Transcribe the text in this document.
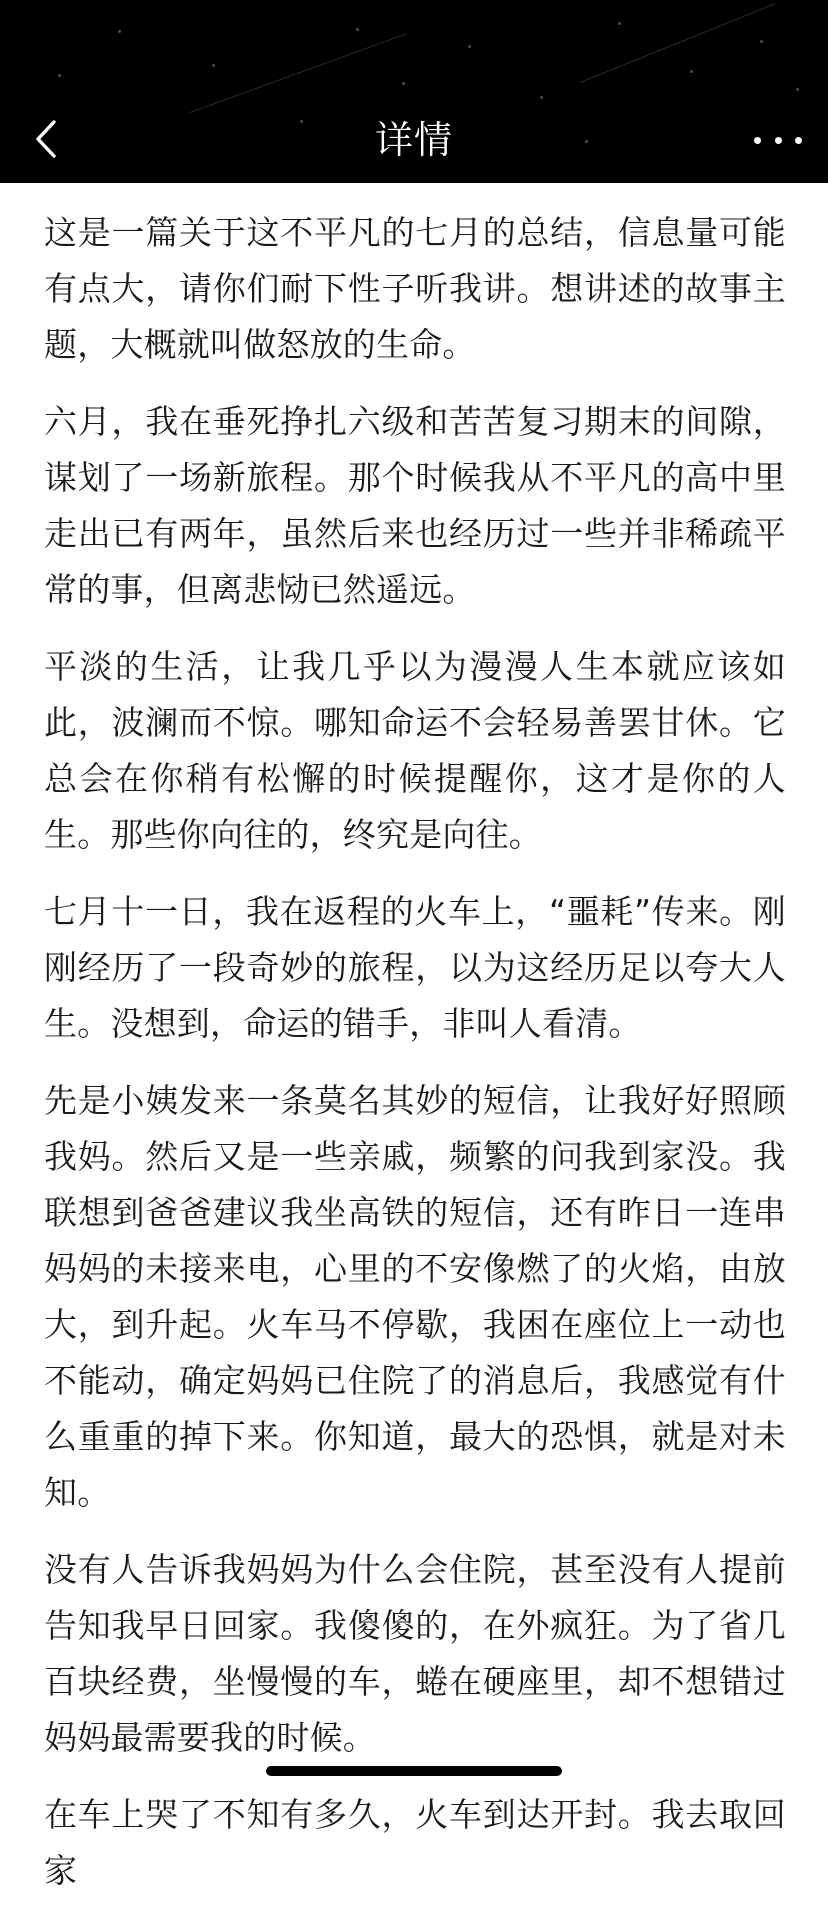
详情

这是一篇关于这不平凡的七月的总结，信息量可能有点大，请你们耐下性子听我讲。想讲述的故事主题，大概就叫做怒放的生命。

六月，我在垂死挣扎六级和苦苦复习期末的间隙，谋划了一场新旅程。那个时候我从不平凡的高中里走出已有两年，虽然后来也经历过一些并非稀疏平常的事，但离悲恸已然遥远。

平淡的生活，让我几乎以为漫漫人生本就应该如此，波澜而不惊。哪知命运不会轻易善罢甘休。它总会在你稍有松懈的时候提醒你，这才是你的人生。那些你向往的，终究是向往。

七月十一日，我在返程的火车上，“噩耗”传来。刚刚经历了一段奇妙的旅程，以为这经历足以夸大人生。没想到，命运的错手，非叫人看清。

先是小姨发来一条莫名其妙的短信，让我好好照顾我妈。然后又是一些亲戚，频繁的问我到家没。我联想到爸爸建议我坐高铁的短信，还有昨日一连串妈妈的未接来电，心里的不安像燃了的火焰，由放大，到升起。火车马不停歇，我困在座位上一动也不能动，确定妈妈已住院了的消息后，我感觉有什么重重的掉下来。你知道，最大的恐惧，就是对未知。

没有人告诉我妈妈为什么会住院，甚至没有人提前告知我早日回家。我傻傻的，在外疯狂。为了省几百块经费，坐慢慢的车，蜷在硬座里，却不想错过妈妈最需要我的时候。

在车上哭了不知有多久，火车到达开封。我去取回家
